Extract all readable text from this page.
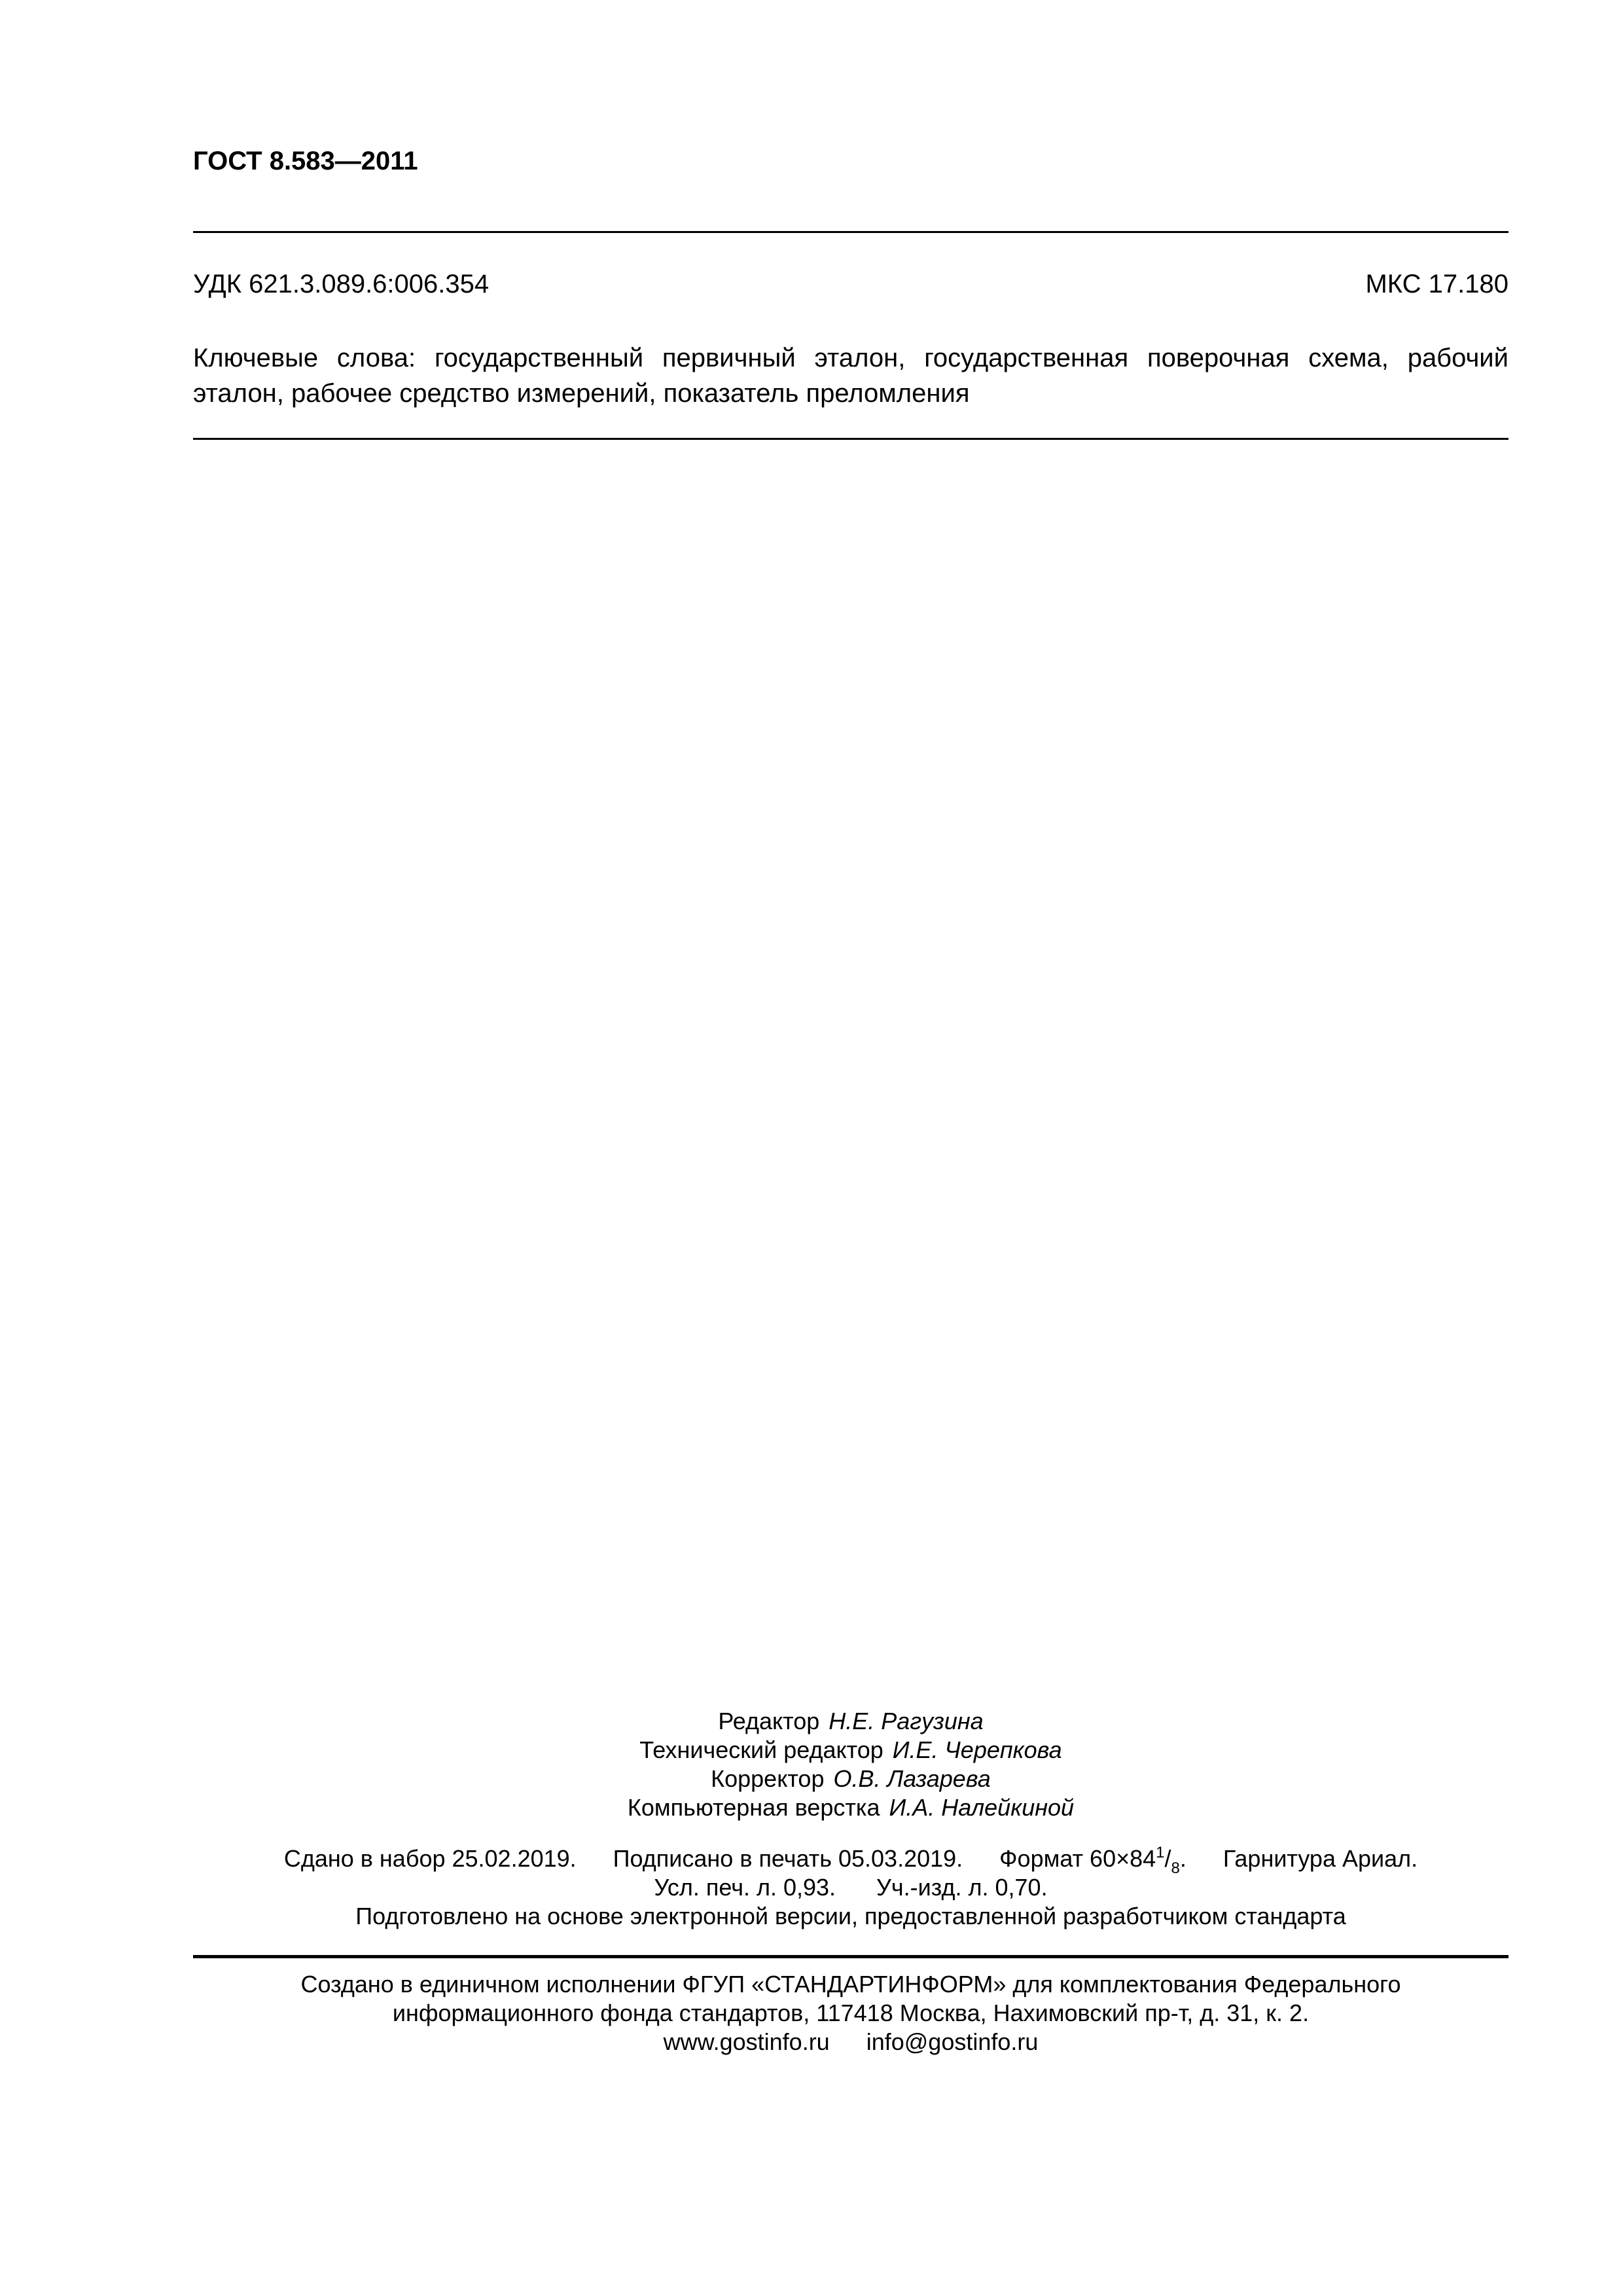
ГОСТ 8.583—2011
УДК 621.3.089.6:006.354	МКС 17.180
Ключевые слова: государственный первичный эталон, государственная поверочная схема, рабочий эталон, рабочее средство измерений, показатель преломления
Редактор Н.Е. Рагузина
Технический редактор И.Е. Черепкова
Корректор О.В. Лазарева
Компьютерная верстка И.А. Налейкиной
Сдано в набор 25.02.2019. Подписано в печать 05.03.2019. Формат $60\times 84^1/_8$. Гарнитура Ариал.
Усл. печ. л. 0,93. Уч.-изд. л. 0,70.
Подготовлено на основе электронной версии, предоставленной разработчиком стандарта
Создано в единичном исполнении ФГУП «СТАНДАРТИНФОРМ» для комплектования Федерального
информационного фонда стандартов, 117418 Москва, Нахимовский пр-т, д. 31, к. 2.
www.gostinfo.ru info@gostinfo.ru
